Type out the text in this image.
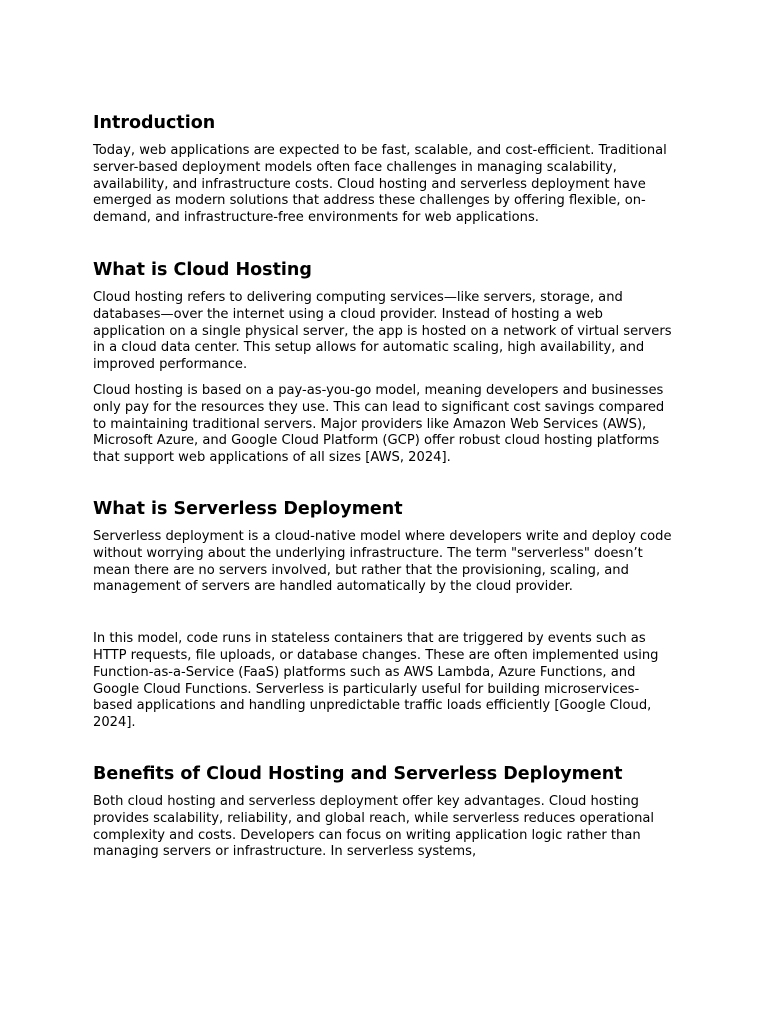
Introduction

Today, web applications are expected to be fast, scalable, and cost-efficient. Traditional server-based deployment models often face challenges in managing scalability, availability, and infrastructure costs. Cloud hosting and serverless deployment have emerged as modern solutions that address these challenges by offering flexible, on-demand, and infrastructure-free environments for web applications.

What is Cloud Hosting

Cloud hosting refers to delivering computing services—like servers, storage, and databases—over the internet using a cloud provider. Instead of hosting a web application on a single physical server, the app is hosted on a network of virtual servers in a cloud data center. This setup allows for automatic scaling, high availability, and improved performance.

Cloud hosting is based on a pay-as-you-go model, meaning developers and businesses only pay for the resources they use. This can lead to significant cost savings compared to maintaining traditional servers. Major providers like Amazon Web Services (AWS), Microsoft Azure, and Google Cloud Platform (GCP) offer robust cloud hosting platforms that support web applications of all sizes [AWS, 2024].

What is Serverless Deployment

Serverless deployment is a cloud-native model where developers write and deploy code without worrying about the underlying infrastructure. The term "serverless" doesn’t mean there are no servers involved, but rather that the provisioning, scaling, and management of servers are handled automatically by the cloud provider.

In this model, code runs in stateless containers that are triggered by events such as HTTP requests, file uploads, or database changes. These are often implemented using Function-as-a-Service (FaaS) platforms such as AWS Lambda, Azure Functions, and Google Cloud Functions. Serverless is particularly useful for building microservices-based applications and handling unpredictable traffic loads efficiently [Google Cloud, 2024].

Benefits of Cloud Hosting and Serverless Deployment

Both cloud hosting and serverless deployment offer key advantages. Cloud hosting provides scalability, reliability, and global reach, while serverless reduces operational complexity and costs. Developers can focus on writing application logic rather than managing servers or infrastructure. In serverless systems,
